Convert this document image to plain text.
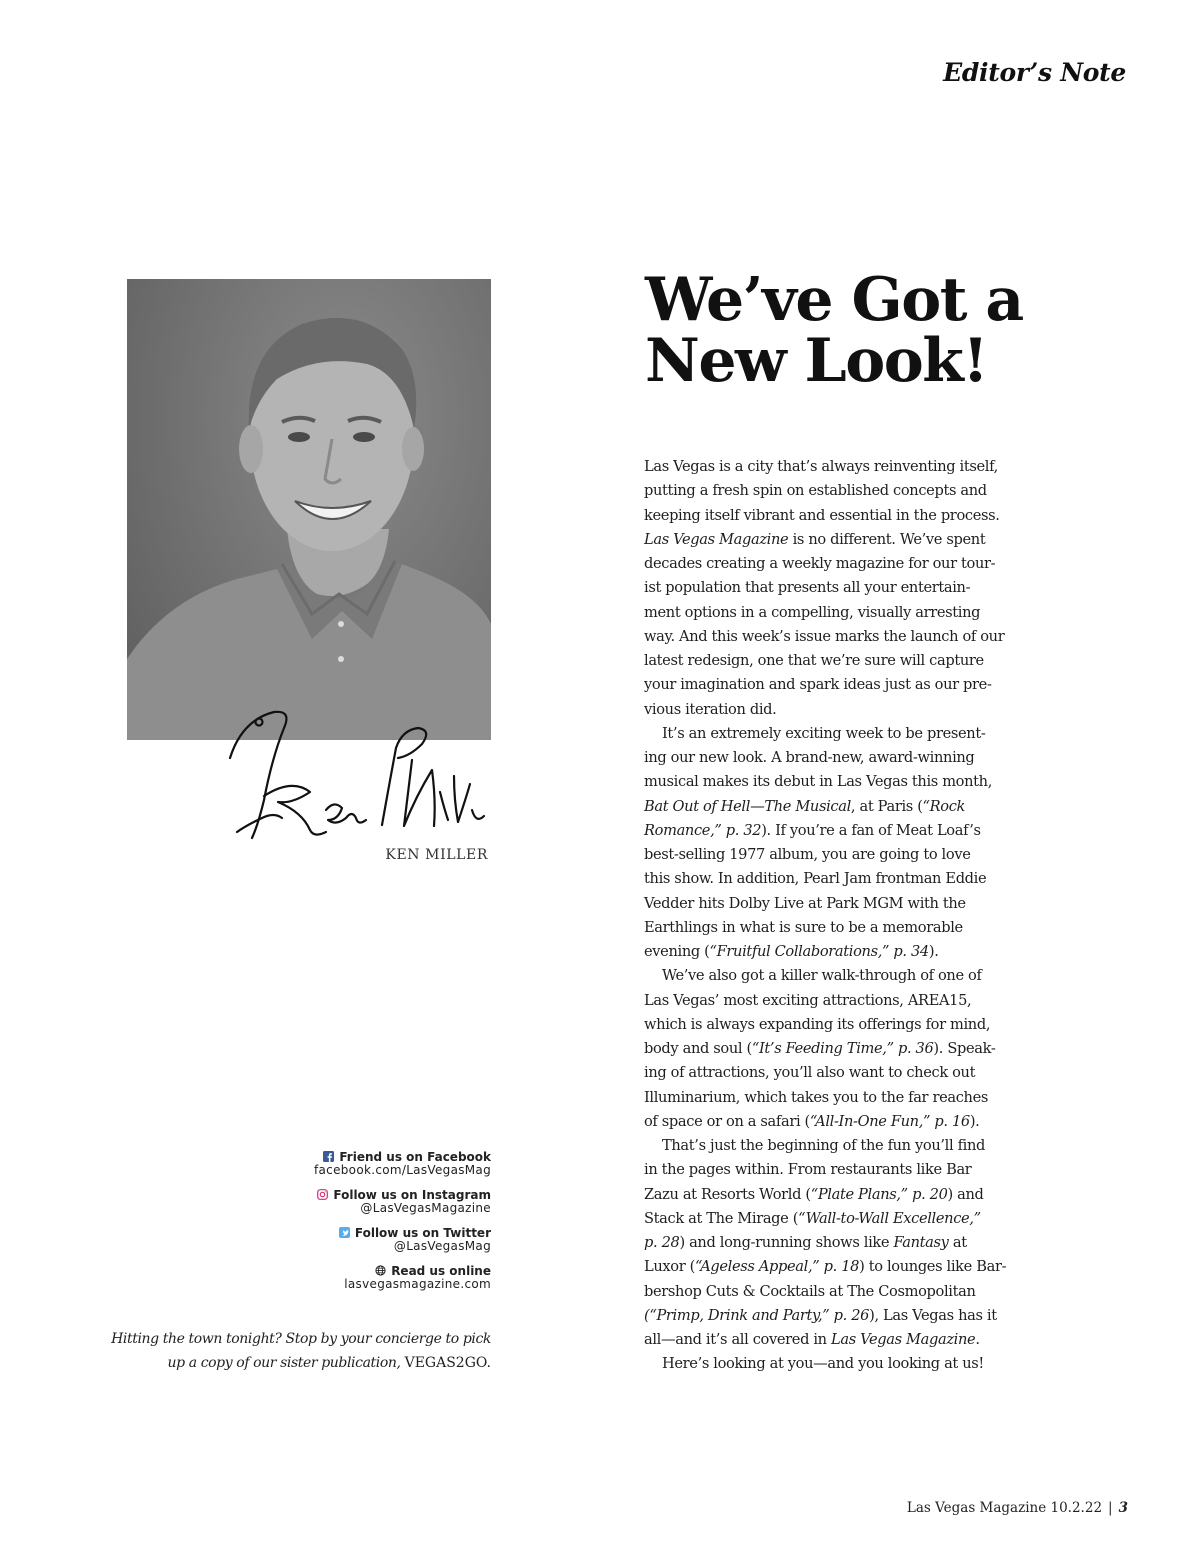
Editor’s Note
KEN MILLER
Friend us on Facebook
facebook.com/LasVegasMag
Follow us on Instagram
@LasVegasMagazine
Follow us on Twitter
@LasVegasMag
Read us online
lasvegasmagazine.com
Hitting the town tonight? Stop by your concierge to pick
up a copy of our sister publication, VEGAS2GO.
We’ve Got a
New Look!
Las Vegas is a city that’s always reinventing itself,
putting a fresh spin on established concepts and
keeping itself vibrant and essential in the process.
Las Vegas Magazine is no different. We’ve spent
decades creating a weekly magazine for our tour-
ist population that presents all your entertain-
ment options in a compelling, visually arresting
way. And this week’s issue marks the launch of our
latest redesign, one that we’re sure will capture
your imagination and spark ideas just as our pre-
vious iteration did.
It’s an extremely exciting week to be present-
ing our new look. A brand-new, award-winning
musical makes its debut in Las Vegas this month,
Bat Out of Hell—The Musical, at Paris (“Rock
Romance,” p. 32). If you’re a fan of Meat Loaf’s
best-selling 1977 album, you are going to love
this show. In addition, Pearl Jam frontman Eddie
Vedder hits Dolby Live at Park MGM with the
Earthlings in what is sure to be a memorable
evening (“Fruitful Collaborations,” p. 34).
We’ve also got a killer walk-through of one of
Las Vegas’ most exciting attractions, AREA15,
which is always expanding its offerings for mind,
body and soul (“It’s Feeding Time,” p. 36). Speak-
ing of attractions, you’ll also want to check out
Illuminarium, which takes you to the far reaches
of space or on a safari (“All-In-One Fun,” p. 16).
That’s just the beginning of the fun you’ll find
in the pages within. From restaurants like Bar
Zazu at Resorts World (“Plate Plans,” p. 20) and
Stack at The Mirage (“Wall-to-Wall Excellence,”
p. 28) and long-running shows like Fantasy at
Luxor (“Ageless Appeal,” p. 18) to lounges like Bar-
bershop Cuts & Cocktails at The Cosmopolitan
(“Primp, Drink and Party,” p. 26), Las Vegas has it
all—and it’s all covered in Las Vegas Magazine.
Here’s looking at you—and you looking at us!
Las Vegas Magazine 10.2.22 | 3
